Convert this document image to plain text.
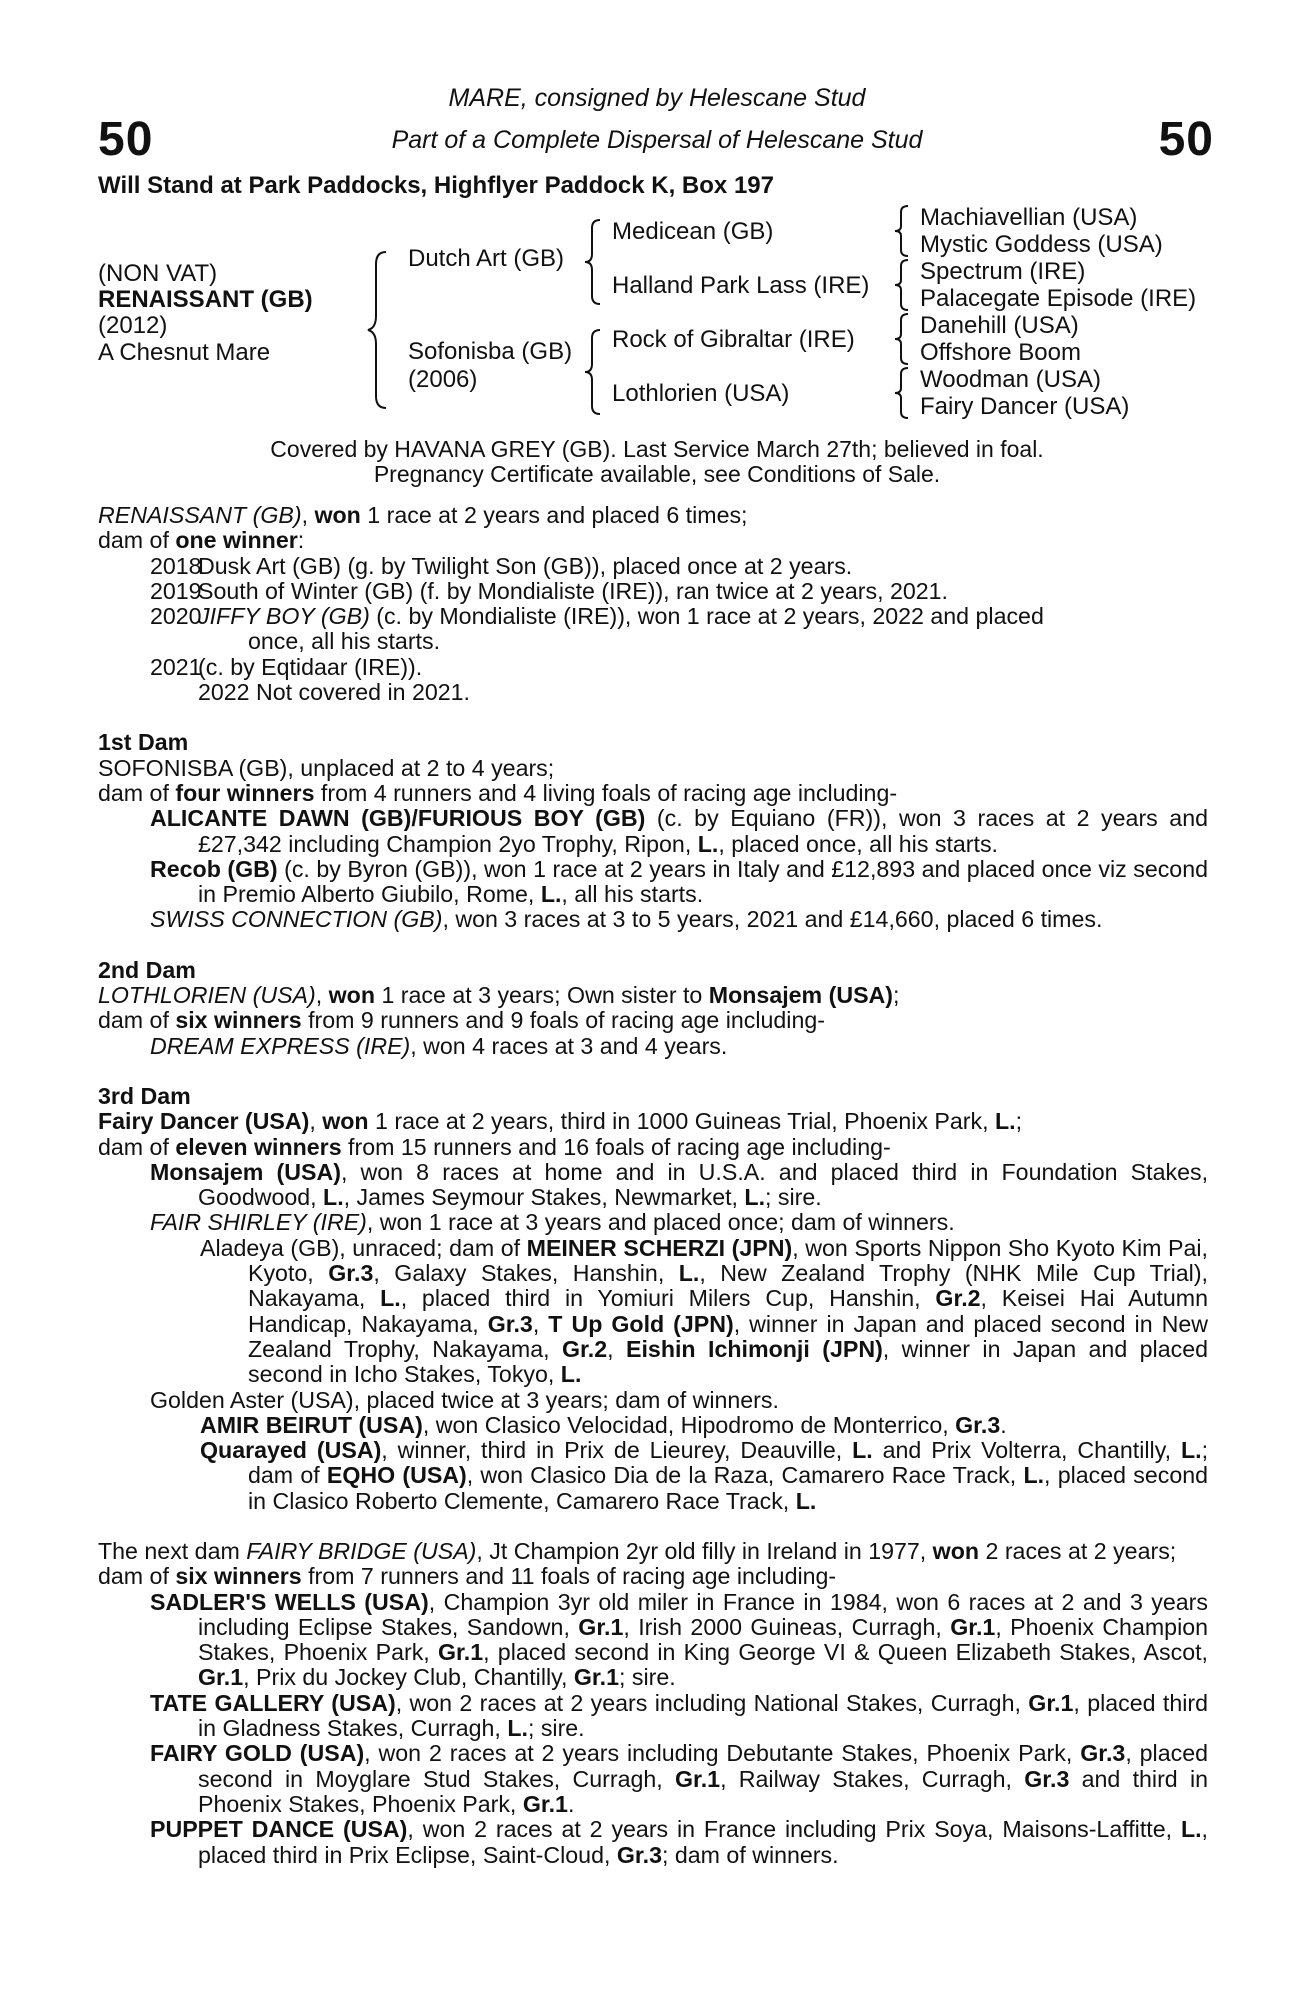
50	50
MARE, consigned by Helescane Stud
Part of a Complete Dispersal of Helescane Stud
Will Stand at Park Paddocks, Highflyer Paddock K, Box 197
(NON VAT)
RENAISSANT (GB)
(2012)
A Chesnut Mare
Dutch Art (GB)
Sofonisba (GB)
(2006)
Medicean (GB)
Halland Park Lass (IRE)
Rock of Gibraltar (IRE)
Lothlorien (USA)
Machiavellian (USA)
Mystic Goddess (USA)
Spectrum (IRE)
Palacegate Episode (IRE)
Danehill (USA)
Offshore Boom
Woodman (USA)
Fairy Dancer (USA)
Covered by HAVANA GREY (GB). Last Service March 27th; believed in foal.
Pregnancy Certificate available, see Conditions of Sale.

RENAISSANT (GB), won 1 race at 2 years and placed 6 times;

dam of one winner:

2018
Dusk Art (GB) (g. by Twilight Son (GB)), placed once at 2 years.
2019
South of Winter (GB) (f. by Mondialiste (IRE)), ran twice at 2 years, 2021.
2020
JIFFY BOY (GB) (c. by Mondialiste (IRE)), won 1 race at 2 years, 2022 and placed
once, all his starts.
2021
(c. by Eqtidaar (IRE)).
2022 Not covered in 2021.

1st Dam

SOFONISBA (GB), unplaced at 2 to 4 years;

dam of four winners from 4 runners and 4 living foals of racing age including-

ALICANTE DAWN (GB)/FURIOUS BOY (GB) (c. by Equiano (FR)), won 3 races at 2 years and £27,342 including Champion 2yo Trophy, Ripon, L., placed once, all his starts.

Recob (GB) (c. by Byron (GB)), won 1 race at 2 years in Italy and £12,893 and placed once viz second in Premio Alberto Giubilo, Rome, L., all his starts.

SWISS CONNECTION (GB), won 3 races at 3 to 5 years, 2021 and £14,660, placed 6 times.

2nd Dam

LOTHLORIEN (USA), won 1 race at 3 years; Own sister to Monsajem (USA);

dam of six winners from 9 runners and 9 foals of racing age including-

DREAM EXPRESS (IRE), won 4 races at 3 and 4 years.

3rd Dam

Fairy Dancer (USA), won 1 race at 2 years, third in 1000 Guineas Trial, Phoenix Park, L.;

dam of eleven winners from 15 runners and 16 foals of racing age including-

Monsajem (USA), won 8 races at home and in U.S.A. and placed third in Foundation Stakes, Goodwood, L., James Seymour Stakes, Newmarket, L.; sire.

FAIR SHIRLEY (IRE), won 1 race at 3 years and placed once; dam of winners.

Aladeya (GB), unraced; dam of MEINER SCHERZI (JPN), won Sports Nippon Sho Kyoto Kim Pai, Kyoto, Gr.3, Galaxy Stakes, Hanshin, L., New Zealand Trophy (NHK Mile Cup Trial), Nakayama, L., placed third in Yomiuri Milers Cup, Hanshin, Gr.2, Keisei Hai Autumn Handicap, Nakayama, Gr.3, T Up Gold (JPN), winner in Japan and placed second in New Zealand Trophy, Nakayama, Gr.2, Eishin Ichimonji (JPN), winner in Japan and placed second in Icho Stakes, Tokyo, L.

Golden Aster (USA), placed twice at 3 years; dam of winners.

AMIR BEIRUT (USA), won Clasico Velocidad, Hipodromo de Monterrico, Gr.3.

Quarayed (USA), winner, third in Prix de Lieurey, Deauville, L. and Prix Volterra, Chantilly, L.; dam of EQHO (USA), won Clasico Dia de la Raza, Camarero Race Track, L., placed second in Clasico Roberto Clemente, Camarero Race Track, L.

The next dam FAIRY BRIDGE (USA), Jt Champion 2yr old filly in Ireland in 1977, won 2 races at 2 years;

dam of six winners from 7 runners and 11 foals of racing age including-

SADLER'S WELLS (USA), Champion 3yr old miler in France in 1984, won 6 races at 2 and 3 years including Eclipse Stakes, Sandown, Gr.1, Irish 2000 Guineas, Curragh, Gr.1, Phoenix Champion Stakes, Phoenix Park, Gr.1, placed second in King George VI & Queen Elizabeth Stakes, Ascot, Gr.1, Prix du Jockey Club, Chantilly, Gr.1; sire.

TATE GALLERY (USA), won 2 races at 2 years including National Stakes, Curragh, Gr.1, placed third in Gladness Stakes, Curragh, L.; sire.

FAIRY GOLD (USA), won 2 races at 2 years including Debutante Stakes, Phoenix Park, Gr.3, placed second in Moyglare Stud Stakes, Curragh, Gr.1, Railway Stakes, Curragh, Gr.3 and third in Phoenix Stakes, Phoenix Park, Gr.1.

PUPPET DANCE (USA), won 2 races at 2 years in France including Prix Soya, Maisons-Laffitte, L., placed third in Prix Eclipse, Saint-Cloud, Gr.3; dam of winners.
